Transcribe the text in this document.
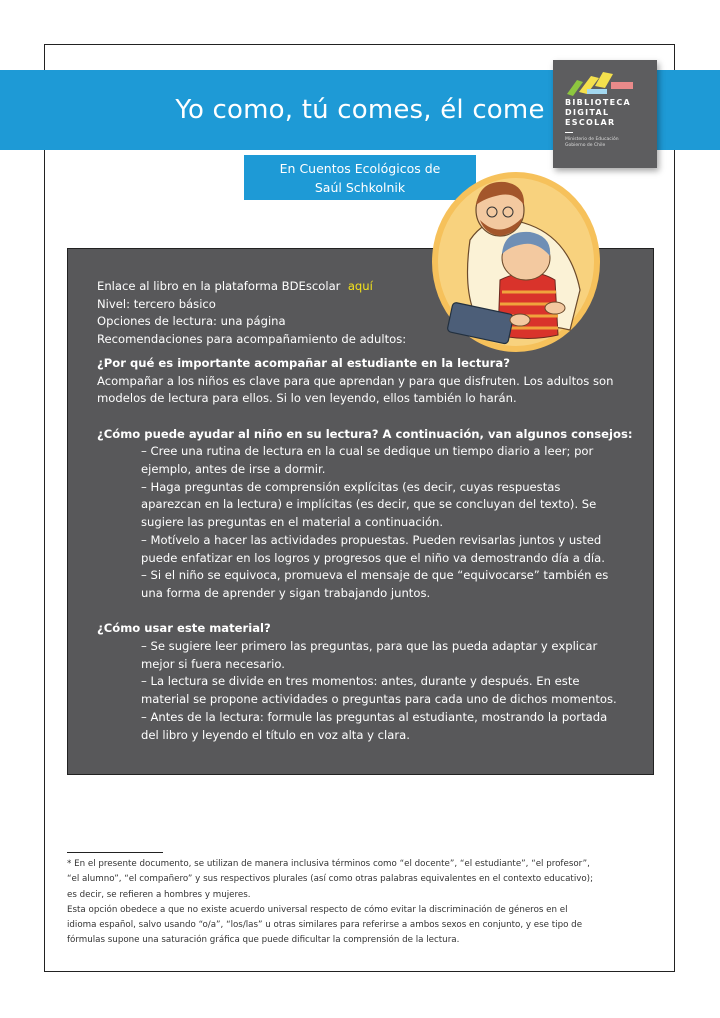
Yo como, tú comes, él come	BIBLIOTECA
DIGITAL
ESCOLAR
Ministerio de Educación
Gobierno de Chile
En Cuentos Ecológicos de
Saúl Schkolnik

Enlace al libro en la plataforma BDEscolar aquí

Nivel: tercero básico

Opciones de lectura: una página

Recomendaciones para acompañamiento de adultos:

¿Por qué es importante acompañar al estudiante en la lectura?

Acompañar a los niños es clave para que aprendan y para que disfruten. Los adultos son

modelos de lectura para ellos. Si lo ven leyendo, ellos también lo harán.

¿Cómo puede ayudar al niño en su lectura? A continuación, van algunos consejos:

– Cree una rutina de lectura en la cual se dedique un tiempo diario a leer; por

ejemplo, antes de irse a dormir.

– Haga preguntas de comprensión explícitas (es decir, cuyas respuestas

aparezcan en la lectura) e implícitas (es decir, que se concluyan del texto). Se

sugiere las preguntas en el material a continuación.

– Motívelo a hacer las actividades propuestas. Pueden revisarlas juntos y usted

puede enfatizar en los logros y progresos que el niño va demostrando día a día.

– Si el niño se equivoca, promueva el mensaje de que “equivocarse” también es

una forma de aprender y sigan trabajando juntos.

¿Cómo usar este material?

– Se sugiere leer primero las preguntas, para que las pueda adaptar y explicar

mejor si fuera necesario.

– La lectura se divide en tres momentos: antes, durante y después. En este

material se propone actividades o preguntas para cada uno de dichos momentos.

– Antes de la lectura: formule las preguntas al estudiante, mostrando la portada

del libro y leyendo el título en voz alta y clara.

* En el presente documento, se utilizan de manera inclusiva términos como “el docente”, “el estudiante”, “el profesor”,

“el alumno”, “el compañero” y sus respectivos plurales (así como otras palabras equivalentes en el contexto educativo);

es decir, se refieren a hombres y mujeres.

Esta opción obedece a que no existe acuerdo universal respecto de cómo evitar la discriminación de géneros en el

idioma español, salvo usando “o/a”, “los/las” u otras similares para referirse a ambos sexos en conjunto, y ese tipo de

fórmulas supone una saturación gráfica que puede dificultar la comprensión de la lectura.
